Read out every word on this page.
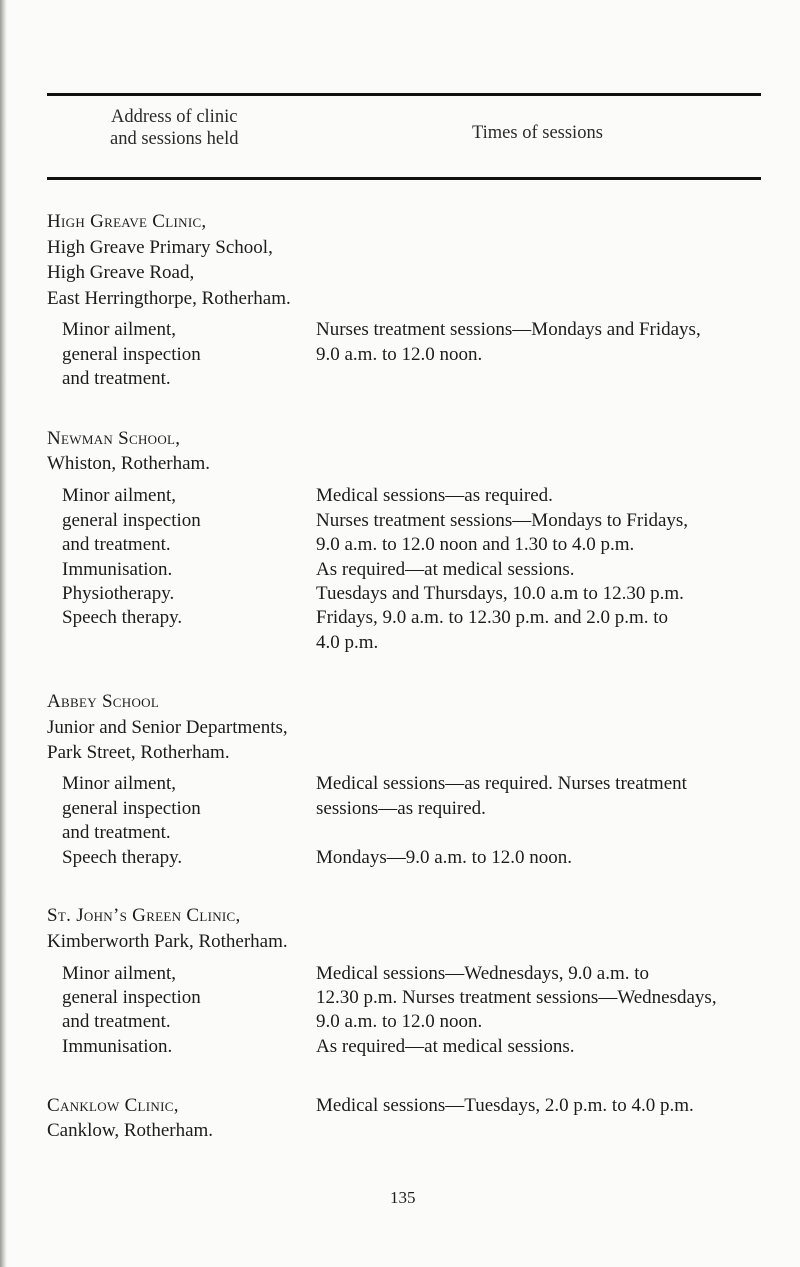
Address of clinic
and sessions held	Times of sessions
High Greave Clinic,
High Greave Primary School,
High Greave Road,
East Herringthorpe, Rotherham.
Minor ailment,
general inspection
and treatment.
Nurses treatment sessions—Mondays and Fridays,
9.0 a.m. to 12.0 noon.
Newman School,
Whiston, Rotherham.
Minor ailment,
general inspection
and treatment.
Immunisation.
Physiotherapy.
Speech therapy.
Medical sessions—as required.
Nurses treatment sessions—Mondays to Fridays,
9.0 a.m. to 12.0 noon and 1.30 to 4.0 p.m.
As required—at medical sessions.
Tuesdays and Thursdays, 10.0 a.m to 12.30 p.m.
Fridays, 9.0 a.m. to 12.30 p.m. and 2.0 p.m. to
4.0 p.m.
Abbey School
Junior and Senior Departments,
Park Street, Rotherham.
Minor ailment,
general inspection
and treatment.
Speech therapy.
Medical sessions—as required. Nurses treatment
sessions—as required.
Mondays—9.0 a.m. to 12.0 noon.
St. John’s Green Clinic,
Kimberworth Park, Rotherham.
Minor ailment,
general inspection
and treatment.
Immunisation.
Medical sessions—Wednesdays, 9.0 a.m. to
12.30 p.m. Nurses treatment sessions—Wednesdays,
9.0 a.m. to 12.0 noon.
As required—at medical sessions.
Canklow Clinic,
Canklow, Rotherham.
Medical sessions—Tuesdays, 2.0 p.m. to 4.0 p.m.
135
